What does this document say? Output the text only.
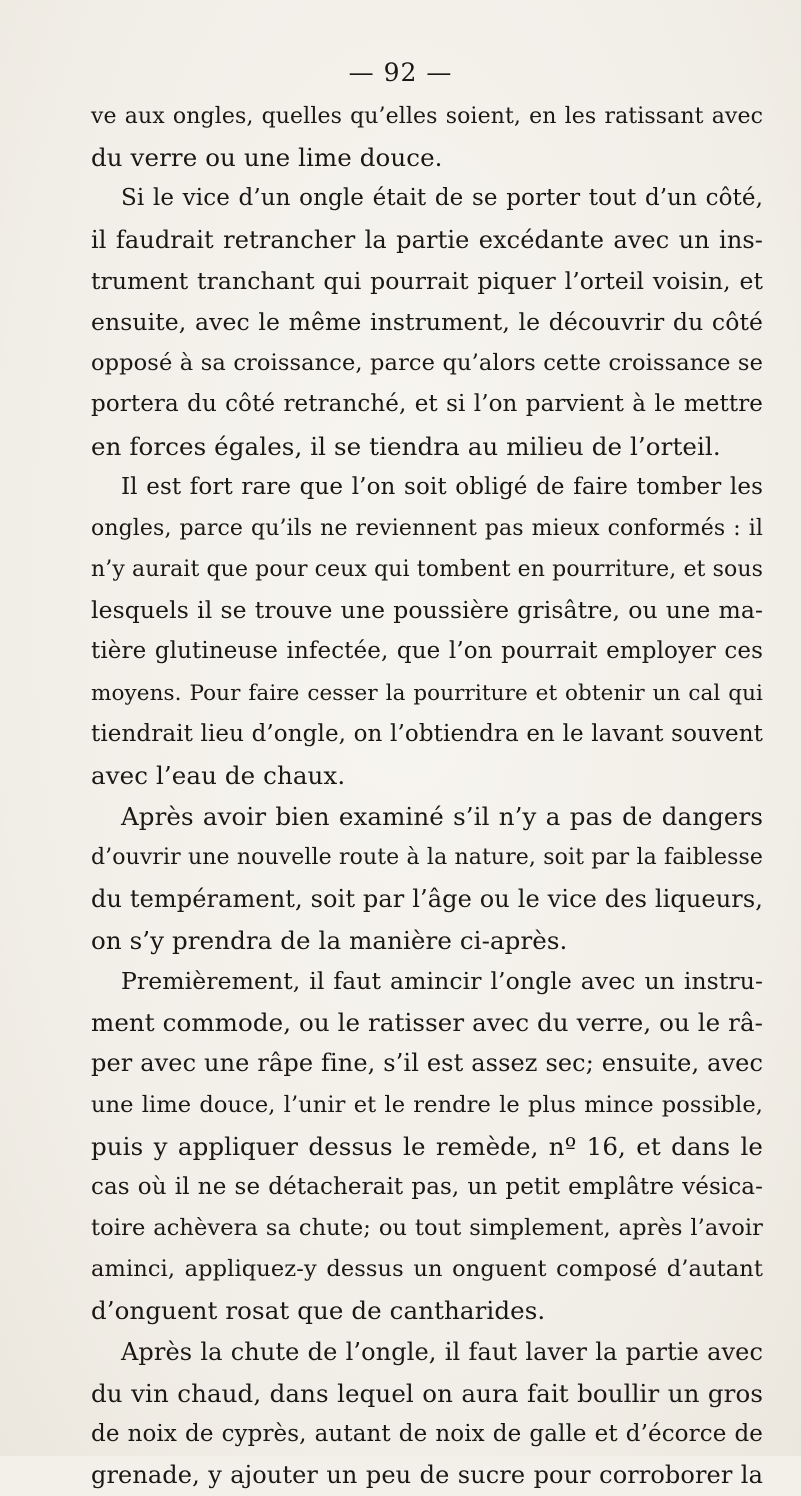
— 92 —
ve aux ongles, quelles qu’elles soient, en les ratissant avec
du verre ou une lime douce.
Si le vice d’un ongle était de se porter tout d’un côté,
il faudrait retrancher la partie excédante avec un ins-
trument tranchant qui pourrait piquer l’orteil voisin, et
ensuite, avec le même instrument, le découvrir du côté
opposé à sa croissance, parce qu’alors cette croissance se
portera du côté retranché, et si l’on parvient à le mettre
en forces égales, il se tiendra au milieu de l’orteil.
Il est fort rare que l’on soit obligé de faire tomber les
ongles, parce qu’ils ne reviennent pas mieux conformés : il
n’y aurait que pour ceux qui tombent en pourriture, et sous
lesquels il se trouve une poussière grisâtre, ou une ma-
tière glutineuse infectée, que l’on pourrait employer ces
moyens. Pour faire cesser la pourriture et obtenir un cal qui
tiendrait lieu d’ongle, on l’obtiendra en le lavant souvent
avec l’eau de chaux.
Après avoir bien examiné s’il n’y a pas de dangers
d’ouvrir une nouvelle route à la nature, soit par la faiblesse
du tempérament, soit par l’âge ou le vice des liqueurs,
on s’y prendra de la manière ci-après.
Premièrement, il faut amincir l’ongle avec un instru-
ment commode, ou le ratisser avec du verre, ou le râ-
per avec une râpe fine, s’il est assez sec; ensuite, avec
une lime douce, l’unir et le rendre le plus mince possible,
puis y appliquer dessus le remède, nº 16, et dans le
cas où il ne se détacherait pas, un petit emplâtre vésica-
toire achèvera sa chute; ou tout simplement, après l’avoir
aminci, appliquez-y dessus un onguent composé d’autant
d’onguent rosat que de cantharides.
Après la chute de l’ongle, il faut laver la partie avec
du vin chaud, dans lequel on aura fait boullir un gros
de noix de cyprès, autant de noix de galle et d’écorce de
grenade, y ajouter un peu de sucre pour corroborer la
